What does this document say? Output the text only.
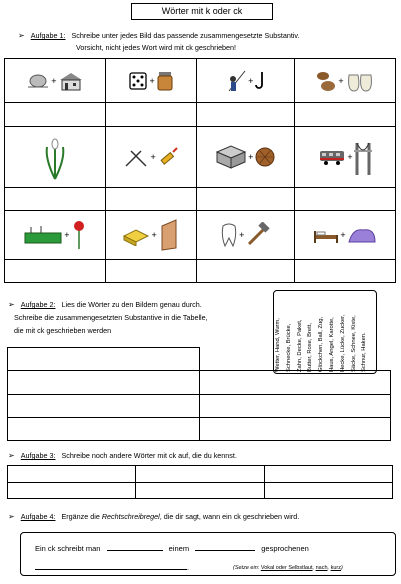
Wörter mit k oder ck
➢ Aufgabe 1: Schreibe unter jedes Bild das passende zusammengesetzte Substantiv.
Vorsicht, nicht jedes Wort wird mit ck geschrieben!
+	+	+	+

+	+	+

+	+	+	+

➢ Aufgabe 2: Lies die Wörter zu den Bildern genau durch.
Schreibe die zusammengesetzten Substantive in die Tabelle,
die mit ck geschrieben werden	Wetter, Hand, Wurm, Schnecke, Brücke, Zahn, Decke, Paket, Butter, Rose, Brett, Glöckchen, Ball, Zug, Haus, Angel, Karotte, Hecke, Lücke, Zucker, Säcke, Schnee, Kiste, Schnur, Haken.

➢ Aufgabe 3: Schreibe noch andere Wörter mit ck auf, die du kennst.

➢ Aufgabe 4: Ergänze die Rechtschreibregel, die dir sagt, wann ein ck geschrieben wird.
Ein ck schreibt man	einem	gesprochenen
.	(Setze ein: Vokal oder Selbstlaut, nach, kurz)
